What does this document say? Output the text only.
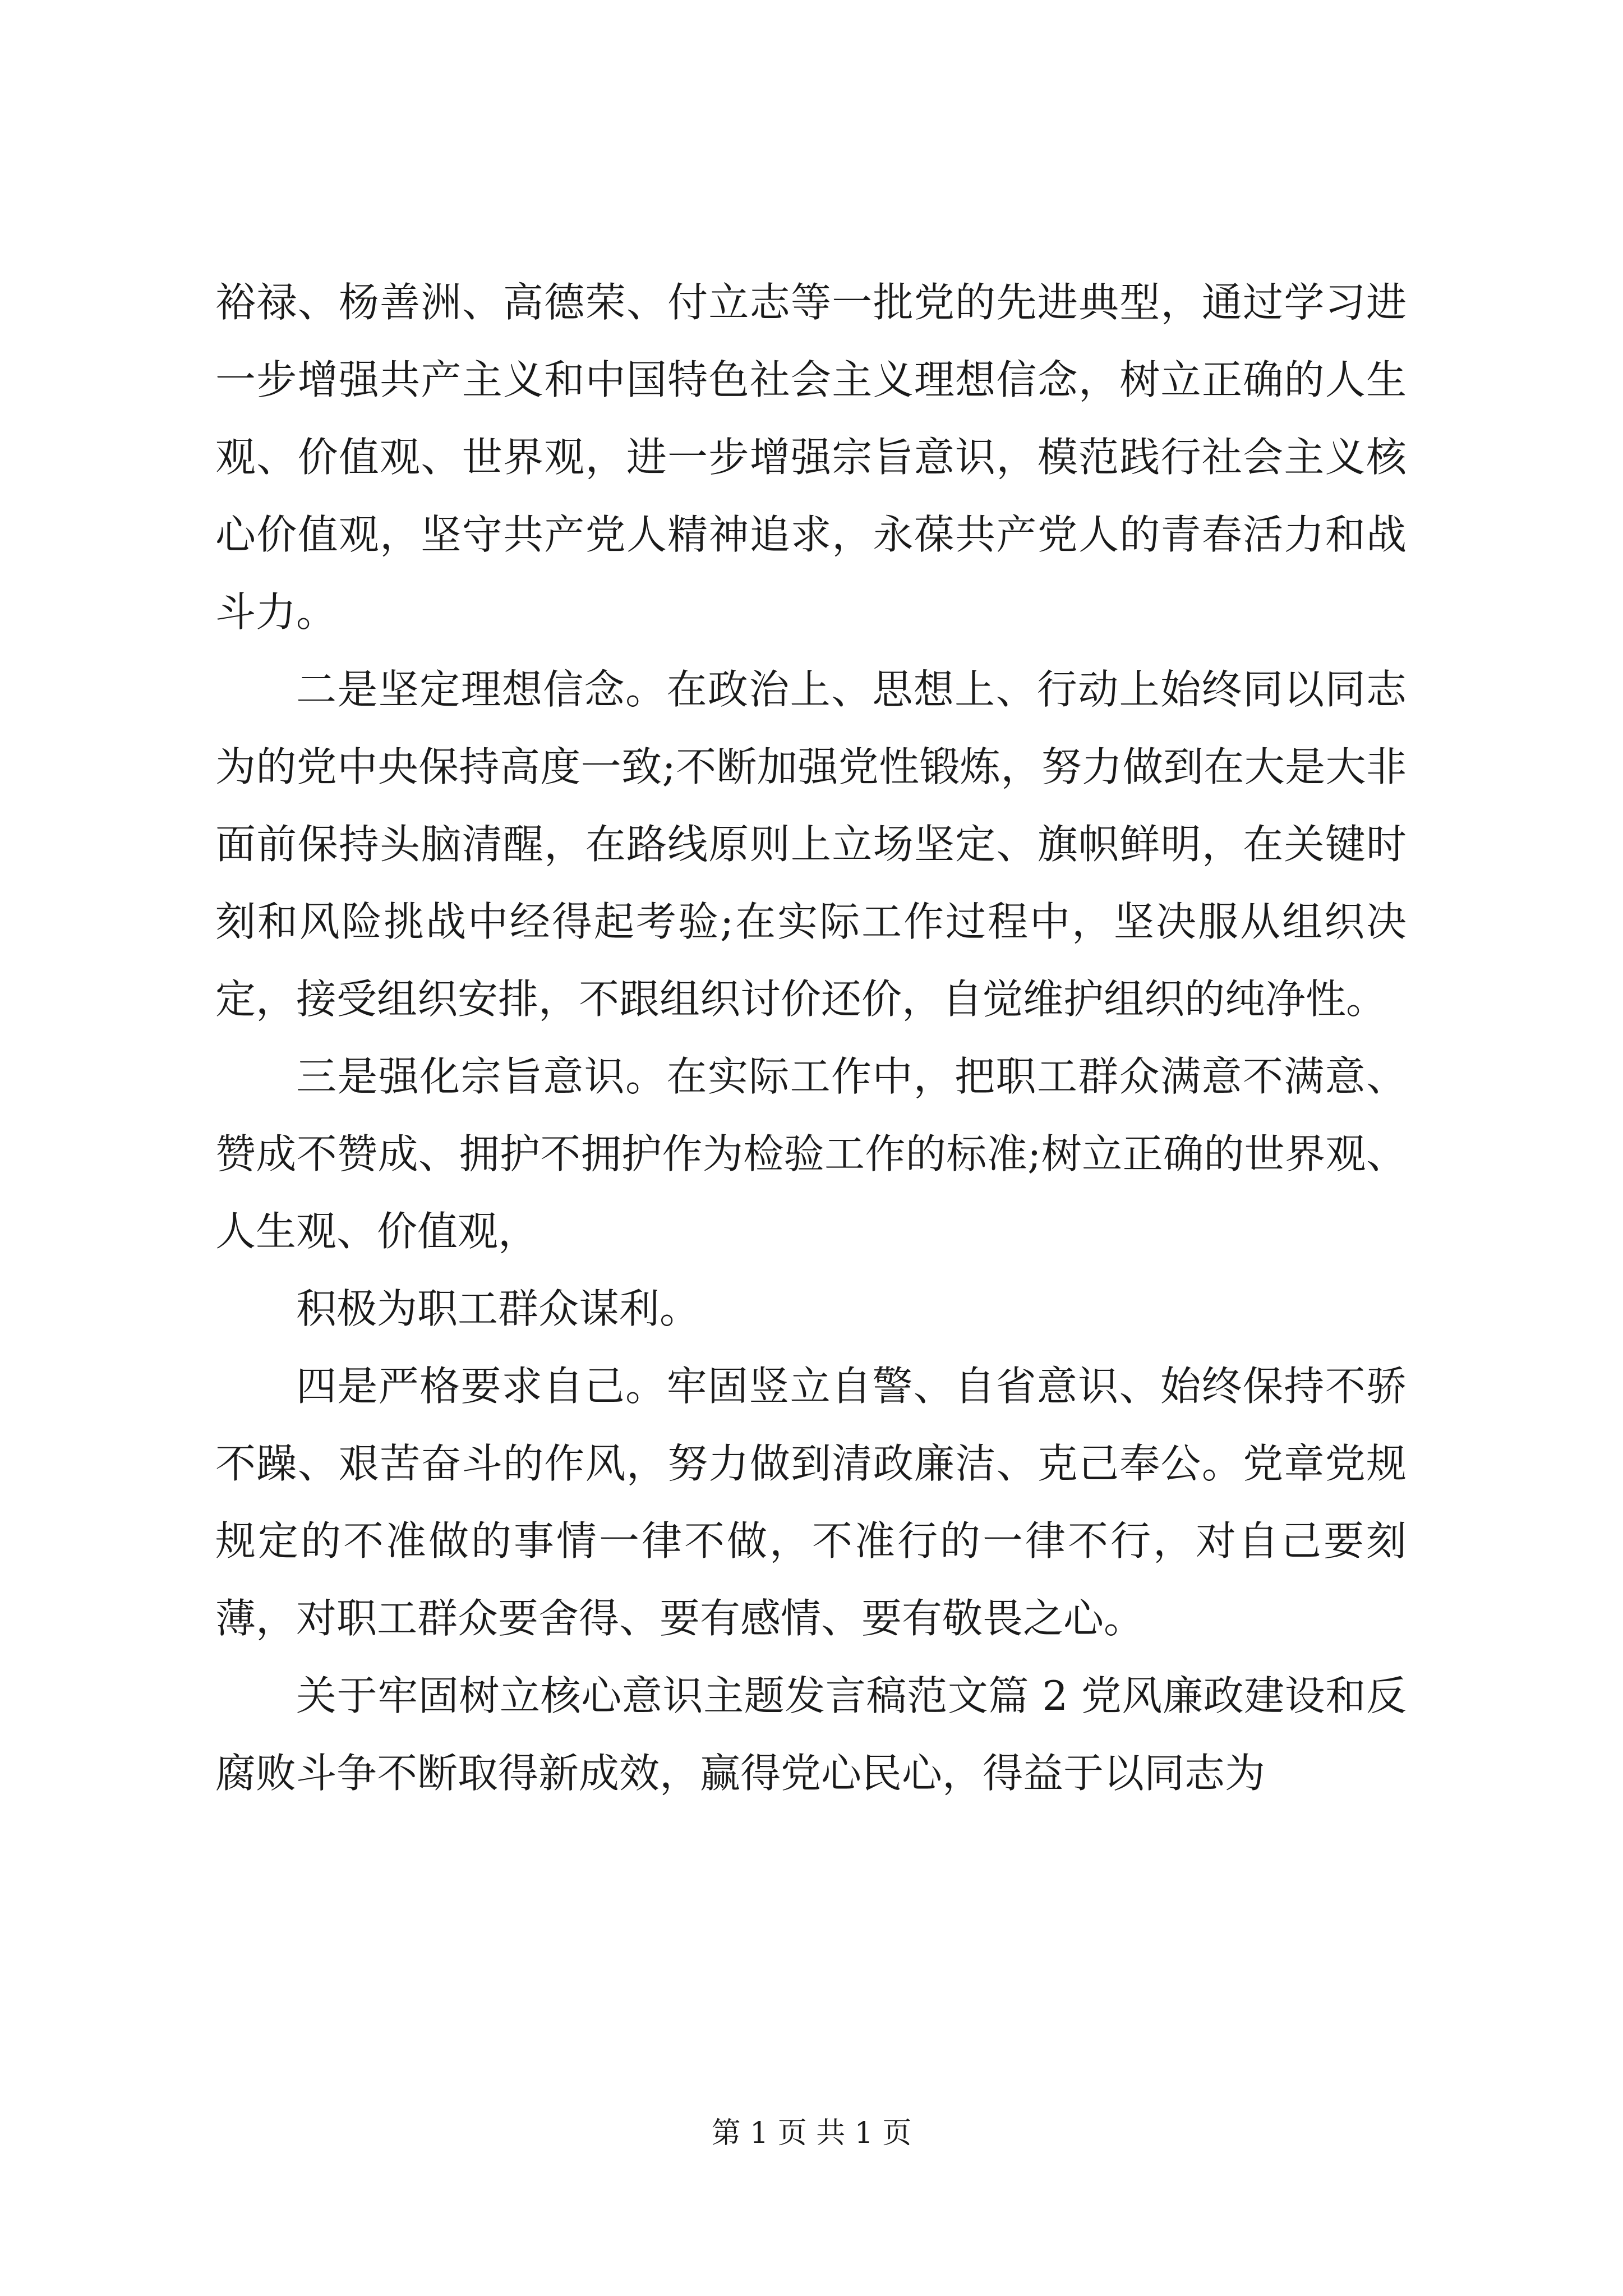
裕禄、杨善洲、高德荣、付立志等一批党的先进典型，通过学习进一步增强共产主义和中国特色社会主义理想信念，树立正确的人生观、价值观、世界观，进一步增强宗旨意识，模范践行社会主义核心价值观，坚守共产党人精神追求，永葆共产党人的青春活力和战斗力。

二是坚定理想信念。在政治上、思想上、行动上始终同以同志为的党中央保持高度一致;不断加强党性锻炼，努力做到在大是大非面前保持头脑清醒，在路线原则上立场坚定、旗帜鲜明，在关键时刻和风险挑战中经得起考验;在实际工作过程中，坚决服从组织决定，接受组织安排，不跟组织讨价还价，自觉维护组织的纯净性。

三是强化宗旨意识。在实际工作中，把职工群众满意不满意、赞成不赞成、拥护不拥护作为检验工作的标准;树立正确的世界观、人生观、价值观，

积极为职工群众谋利。

四是严格要求自己。牢固竖立自警、自省意识、始终保持不骄不躁、艰苦奋斗的作风，努力做到清政廉洁、克己奉公。党章党规规定的不准做的事情一律不做，不准行的一律不行，对自己要刻薄，对职工群众要舍得、要有感情、要有敬畏之心。

关于牢固树立核心意识主题发言稿范文篇 2 党风廉政建设和反腐败斗争不断取得新成效，赢得党心民心，得益于以同志为

第 1 页 共 1 页
